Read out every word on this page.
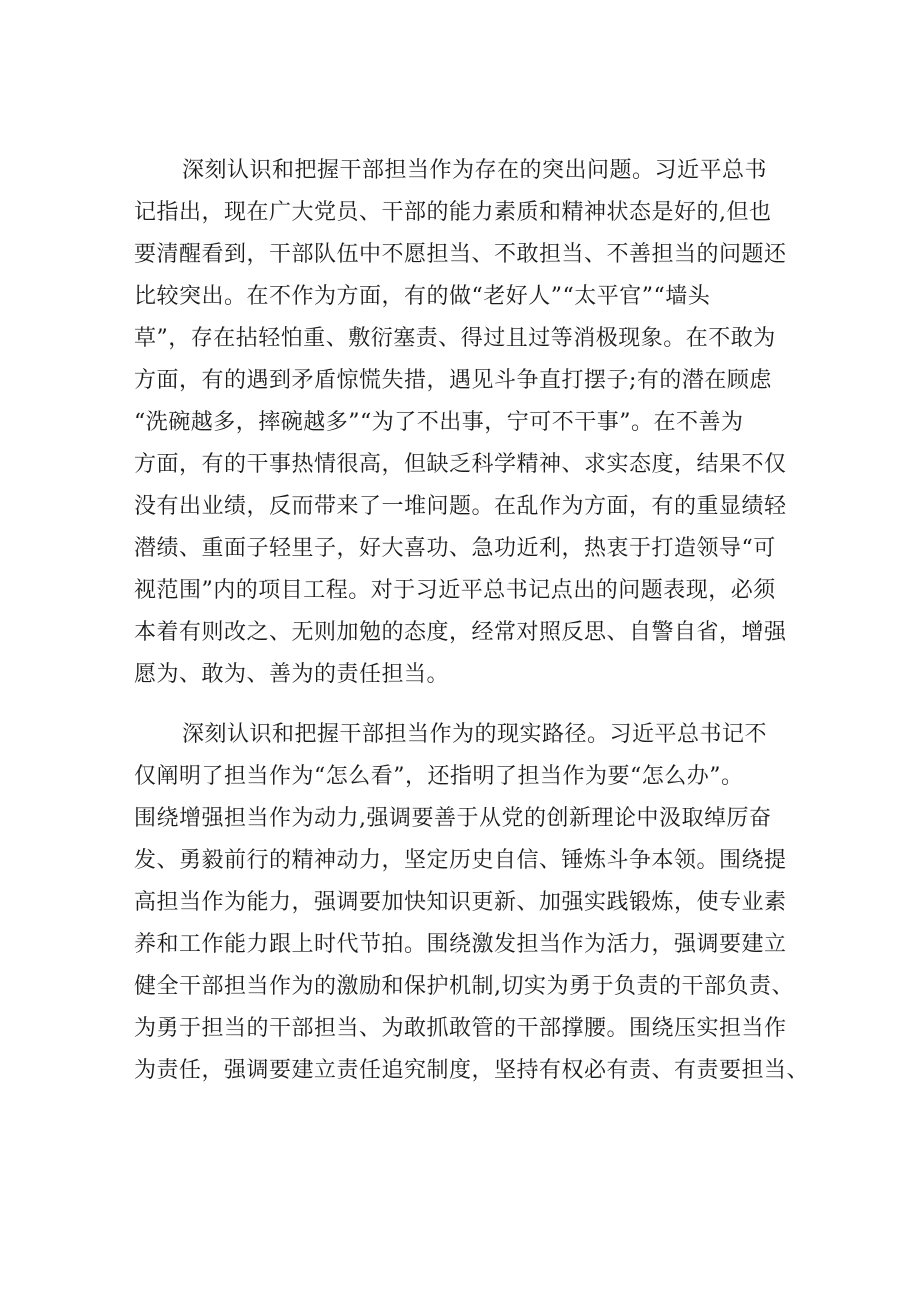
深刻认识和把握干部担当作为存在的突出问题。习近平总书
记指出，现在广大党员、干部的能力素质和精神状态是好的,但也
要清醒看到，干部队伍中不愿担当、不敢担当、不善担当的问题还
比较突出。在不作为方面，有的做“老好人”“太平官”“墙头
草”，存在拈轻怕重、敷衍塞责、得过且过等消极现象。在不敢为
方面，有的遇到矛盾惊慌失措，遇见斗争直打摆子;有的潜在顾虑
“洗碗越多，摔碗越多”“为了不出事，宁可不干事”。在不善为
方面，有的干事热情很高，但缺乏科学精神、求实态度，结果不仅
没有出业绩，反而带来了一堆问题。在乱作为方面，有的重显绩轻
潜绩、重面子轻里子，好大喜功、急功近利，热衷于打造领导“可
视范围”内的项目工程。对于习近平总书记点出的问题表现，必须
本着有则改之、无则加勉的态度，经常对照反思、自警自省，增强
愿为、敢为、善为的责任担当。

深刻认识和把握干部担当作为的现实路径。习近平总书记不
仅阐明了担当作为“怎么看”，还指明了担当作为要“怎么办”。
围绕增强担当作为动力,强调要善于从党的创新理论中汲取绰厉奋
发、勇毅前行的精神动力，坚定历史自信、锤炼斗争本领。围绕提
高担当作为能力，强调要加快知识更新、加强实践锻炼，使专业素
养和工作能力跟上时代节拍。围绕激发担当作为活力，强调要建立
健全干部担当作为的激励和保护机制,切实为勇于负责的干部负责、
为勇于担当的干部担当、为敢抓敢管的干部撑腰。围绕压实担当作
为责任，强调要建立责任追究制度，坚持有权必有责、有责要担当、
